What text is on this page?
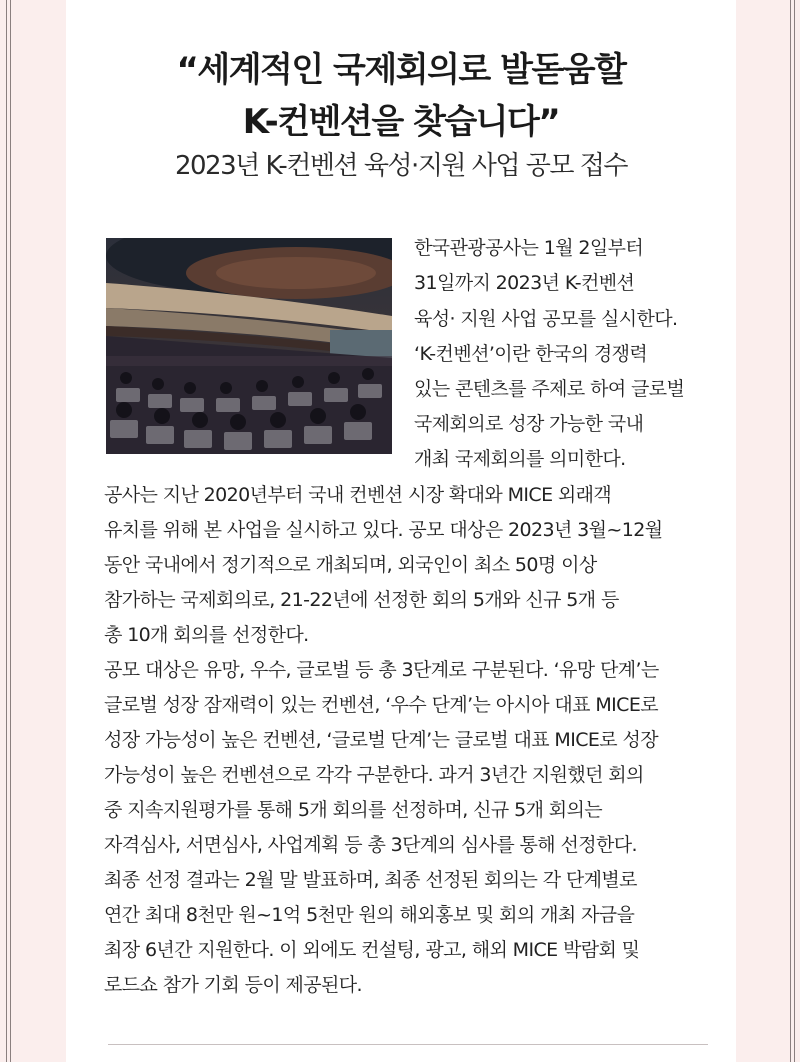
“세계적인 국제회의로 발돋움할
K-컨벤션을 찾습니다”
2023년 K-컨벤션 육성·지원 사업 공모 접수
한국관광공사는 1월 2일부터
31일까지 2023년 K-컨벤션
육성· 지원 사업 공모를 실시한다.
‘K-컨벤션’이란 한국의 경쟁력
있는 콘텐츠를 주제로 하여 글로벌
국제회의로 성장 가능한 국내
개최 국제회의를 의미한다.
공사는 지난 2020년부터 국내 컨벤션 시장 확대와 MICE 외래객
유치를 위해 본 사업을 실시하고 있다. 공모 대상은 2023년 3월~12월
동안 국내에서 정기적으로 개최되며, 외국인이 최소 50명 이상
참가하는 국제회의로, 21-22년에 선정한 회의 5개와 신규 5개 등
총 10개 회의를 선정한다.
공모 대상은 유망, 우수, 글로벌 등 총 3단계로 구분된다. ‘유망 단계’는
글로벌 성장 잠재력이 있는 컨벤션, ‘우수 단계’는 아시아 대표 MICE로
성장 가능성이 높은 컨벤션, ‘글로벌 단계’는 글로벌 대표 MICE로 성장
가능성이 높은 컨벤션으로 각각 구분한다. 과거 3년간 지원했던 회의
중 지속지원평가를 통해 5개 회의를 선정하며, 신규 5개 회의는
자격심사, 서면심사, 사업계획 등 총 3단계의 심사를 통해 선정한다.
최종 선정 결과는 2월 말 발표하며, 최종 선정된 회의는 각 단계별로
연간 최대 8천만 원~1억 5천만 원의 해외홍보 및 회의 개최 자금을
최장 6년간 지원한다. 이 외에도 컨설팅, 광고, 해외 MICE 박람회 및
로드쇼 참가 기회 등이 제공된다.
